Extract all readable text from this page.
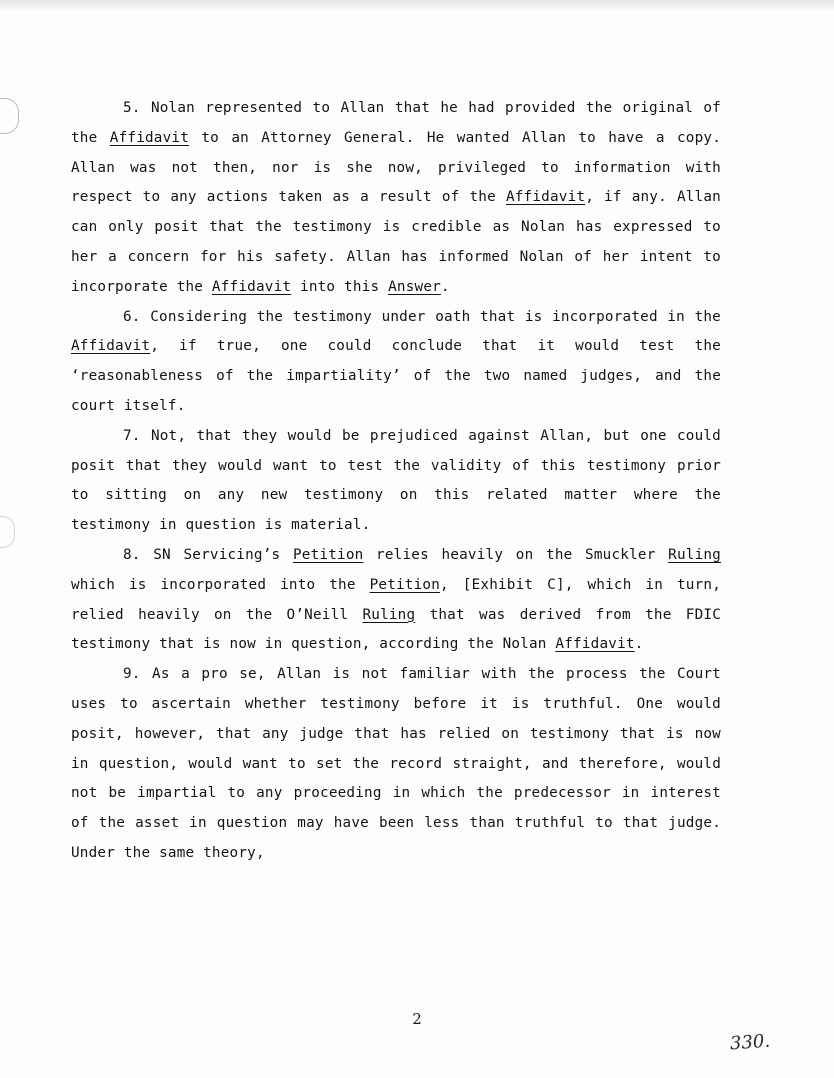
5. Nolan represented to Allan that he had provided the original of the Affidavit to an Attorney General. He wanted Allan to have a copy. Allan was not then, nor is she now, privileged to information with respect to any actions taken as a result of the Affidavit, if any. Allan can only posit that the testimony is credible as Nolan has expressed to her a concern for his safety. Allan has informed Nolan of her intent to incorporate the Affidavit into this Answer.

6. Considering the testimony under oath that is incorporated in the Affidavit, if true, one could conclude that it would test the ‘reasonableness of the impartiality’ of the two named judges, and the court itself.

7. Not, that they would be prejudiced against Allan, but one could posit that they would want to test the validity of this testimony prior to sitting on any new testimony on this related matter where the testimony in question is material.

8. SN Servicing’s Petition relies heavily on the Smuckler Ruling which is incorporated into the Petition, [Exhibit C], which in turn, relied heavily on the O’Neill Ruling that was derived from the FDIC testimony that is now in question, according the Nolan Affidavit.

9. As a pro se, Allan is not familiar with the process the Court uses to ascertain whether testimony before it is truthful. One would posit, however, that any judge that has relied on testimony that is now in question, would want to set the record straight, and therefore, would not be impartial to any proceeding in which the predecessor in interest of the asset in question may have been less than truthful to that judge. Under the same theory,

2
330.
